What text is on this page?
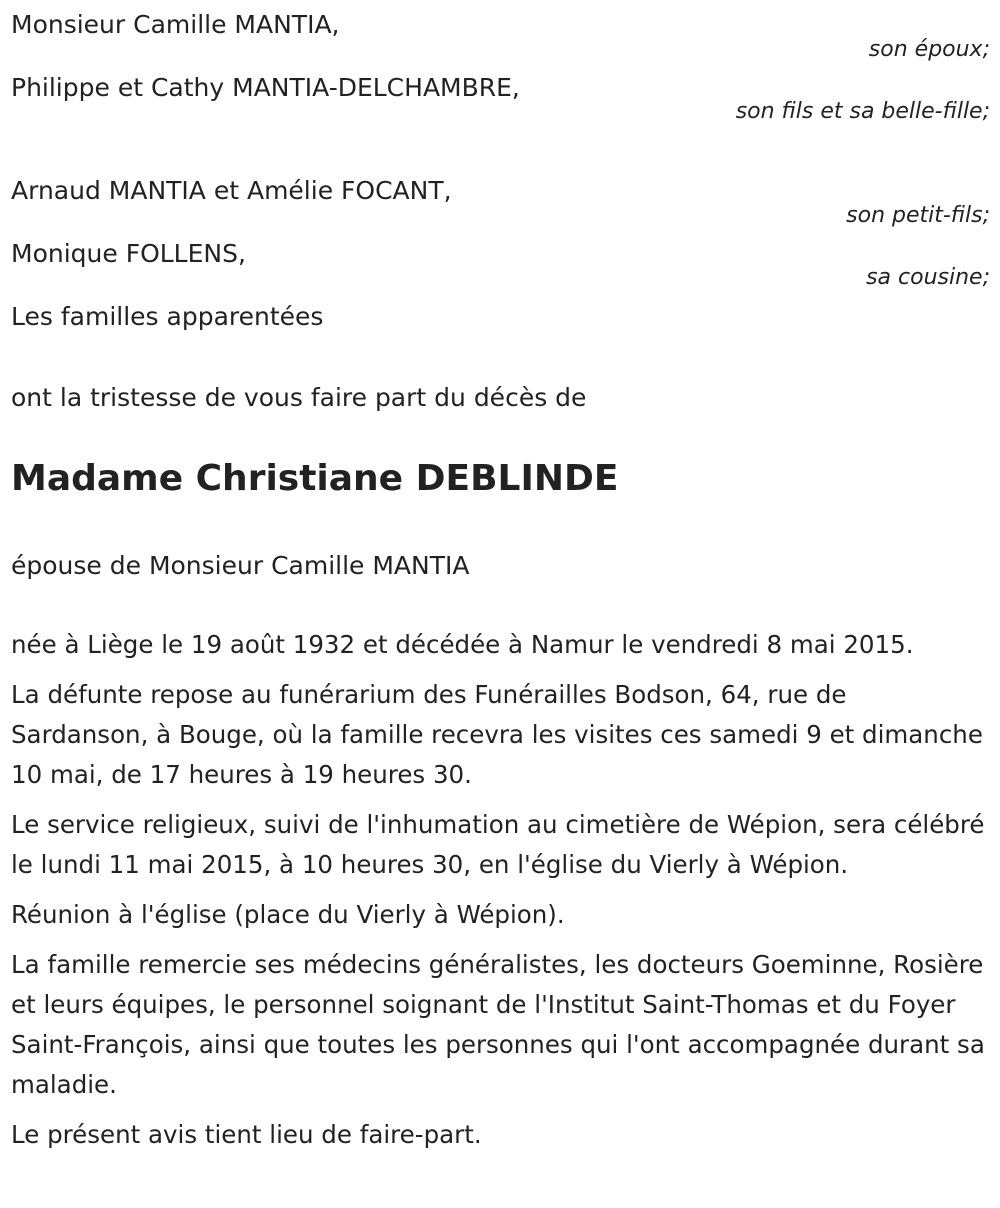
Monsieur Camille MANTIA,
son époux;
Philippe et Cathy MANTIA-DELCHAMBRE,
son fils et sa belle-fille;
Arnaud MANTIA et Amélie FOCANT,
son petit-fils;
Monique FOLLENS,
sa cousine;
Les familles apparentées
ont la tristesse de vous faire part du décès de
Madame Christiane DEBLINDE
épouse de Monsieur Camille MANTIA

née à Liège le 19 août 1932 et décédée à Namur le vendredi 8 mai 2015.

La défunte repose au funérarium des Funérailles Bodson, 64, rue de Sardanson, à Bouge, où la famille recevra les visites ces samedi 9 et dimanche 10 mai, de 17 heures à 19 heures 30.

Le service religieux, suivi de l'inhumation au cimetière de Wépion, sera célébré le lundi 11 mai 2015, à 10 heures 30, en l'église du Vierly à Wépion.

Réunion à l'église (place du Vierly à Wépion).

La famille remercie ses médecins généralistes, les docteurs Goeminne, Rosière et leurs équipes, le personnel soignant de l'Institut Saint-Thomas et du Foyer Saint-François, ainsi que toutes les personnes qui l'ont accompagnée durant sa maladie.

Le présent avis tient lieu de faire-part.
